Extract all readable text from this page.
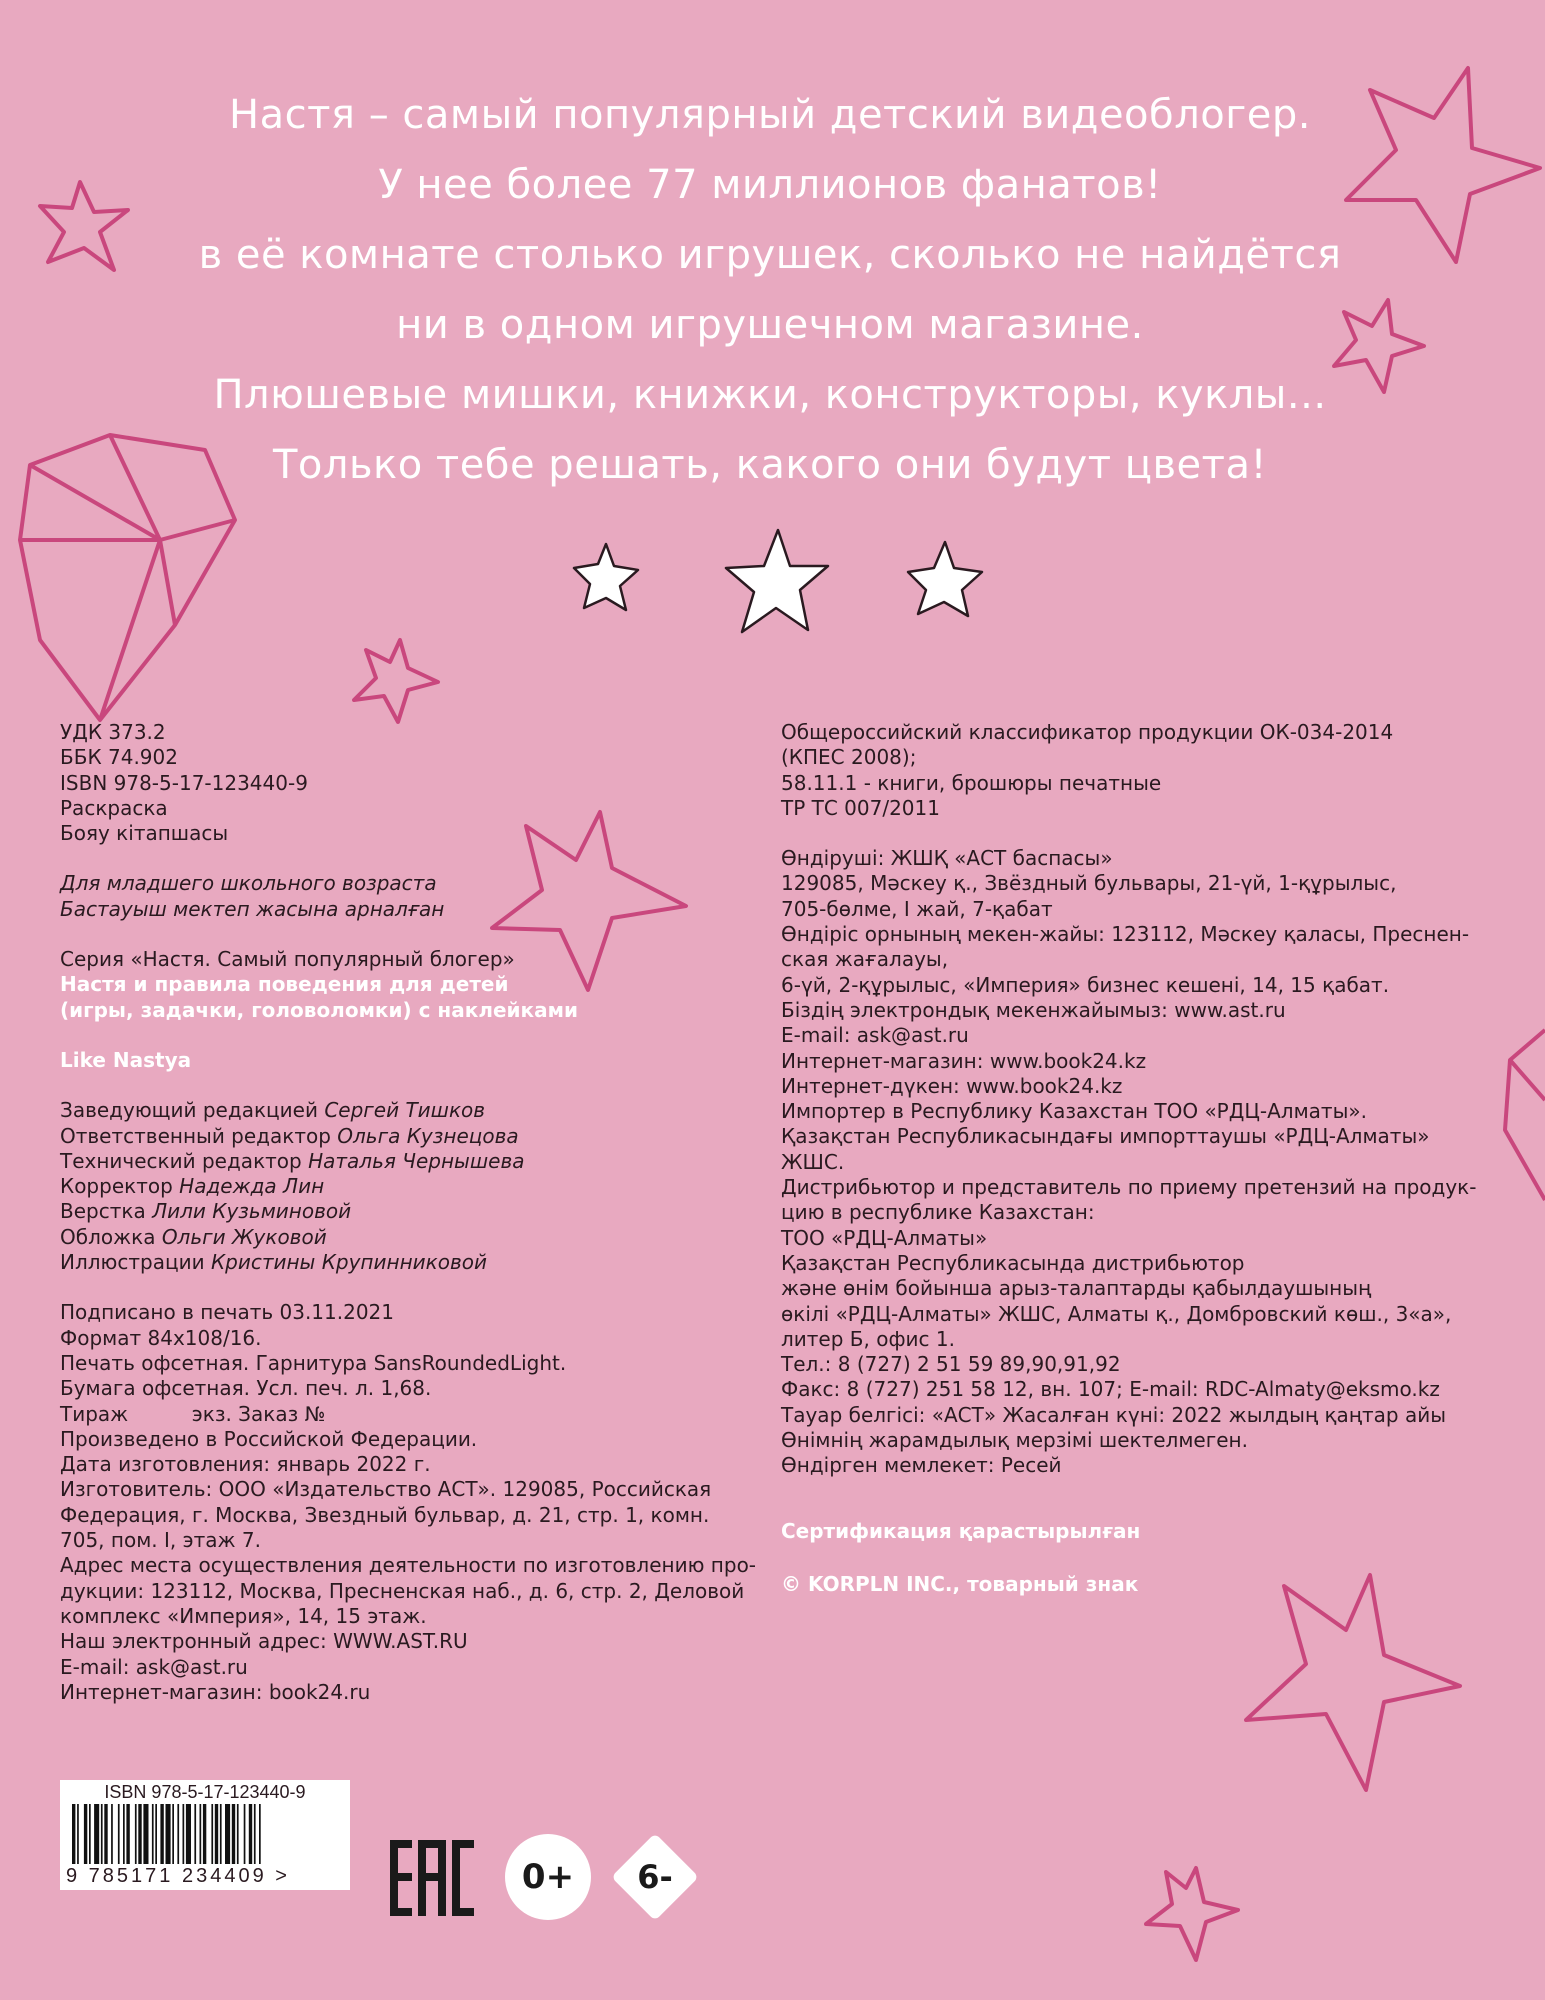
Настя – самый популярный детский видеоблогер.
У нее более 77 миллионов фанатов!
в её комнате столько игрушек, сколько не найдётся
ни в одном игрушечном магазине.
Плюшевые мишки, книжки, конструкторы, куклы...
Только тебе решать, какого они будут цвета!
УДК 373.2
ББК 74.902
ISBN 978-5-17-123440-9
Раскраска
Бояу кітапшасы
Для младшего школьного возраста
Бастауыш мектеп жасына арналған
Серия «Настя. Самый популярный блогер»
Настя и правила поведения для детей
(игры, задачки, головоломки) с наклейками
Like Nastya
Заведующий редакцией Сергей Тишков
Ответственный редактор Ольга Кузнецова
Технический редактор Наталья Чернышева
Корректор Надежда Лин
Верстка Лили Кузьминовой
Обложка Ольги Жуковой
Иллюстрации Кристины Крупинниковой
Подписано в печать 03.11.2021
Формат 84x108/16.
Печать офсетная. Гарнитура SansRoundedLight.
Бумага офсетная. Усл. печ. л. 1,68.
Тираж          экз. Заказ №
Произведено в Российской Федерации.
Дата изготовления: январь 2022 г.
Изготовитель: ООО «Издательство АСТ». 129085, Российская
Федерация, г. Москва, Звездный бульвар, д. 21, стр. 1, комн.
705, пом. I, этаж 7.
Адрес места осуществления деятельности по изготовлению про-
дукции: 123112, Москва, Пресненская наб., д. 6, стр. 2, Деловой
комплекс «Империя», 14, 15 этаж.
Наш электронный адрес: WWW.AST.RU
E-mail: ask@ast.ru
Интернет-магазин: book24.ru
Общероссийский классификатор продукции ОК-034-2014
(КПЕС 2008);
58.11.1 - книги, брошюры печатные
ТР ТС 007/2011
Өндіруші: ЖШҚ «АСТ баспасы»
129085, Мәскеу қ., Звёздный бульвары, 21-үй, 1-құрылыс,
705-бөлме, I жай, 7-қабат
Өндіріс орнының мекен-жайы: 123112, Мәскеу қаласы, Преснен-
ская жағалауы,
6-үй, 2-құрылыс, «Империя» бизнес кешені, 14, 15 қабат.
Біздің электрондық мекенжайымыз: www.ast.ru
E-mail: ask@ast.ru
Интернет-магазин: www.book24.kz
Интернет-дүкен: www.book24.kz
Импортер в Республику Казахстан ТОО «РДЦ-Алматы».
Қазақстан Республикасындағы импорттаушы «РДЦ-Алматы»
ЖШС.
Дистрибьютор и представитель по приему претензий на продук-
цию в республике Казахстан:
ТОО «РДЦ-Алматы»
Қазақстан Республикасында дистрибьютор
және өнім бойынша арыз-талаптарды қабылдаушының
өкілі «РДЦ-Алматы» ЖШС, Алматы қ., Домбровский көш., 3«а»,
литер Б, офис 1.
Тел.: 8 (727) 2 51 59 89,90,91,92
Факс: 8 (727) 251 58 12, вн. 107; E-mail: RDC-Almaty@eksmo.kz
Тауар белгісі: «АСТ» Жасалған күні: 2022 жылдың қаңтар айы
Өнімнің жарамдылық мерзімі шектелмеген.
Өндірген мемлекет: Ресей
Сертификация қарастырылған
© KORPLN INC., товарный знак
ISBN 978-5-17-123440-9
9 785171 234409 >	0+	6-
